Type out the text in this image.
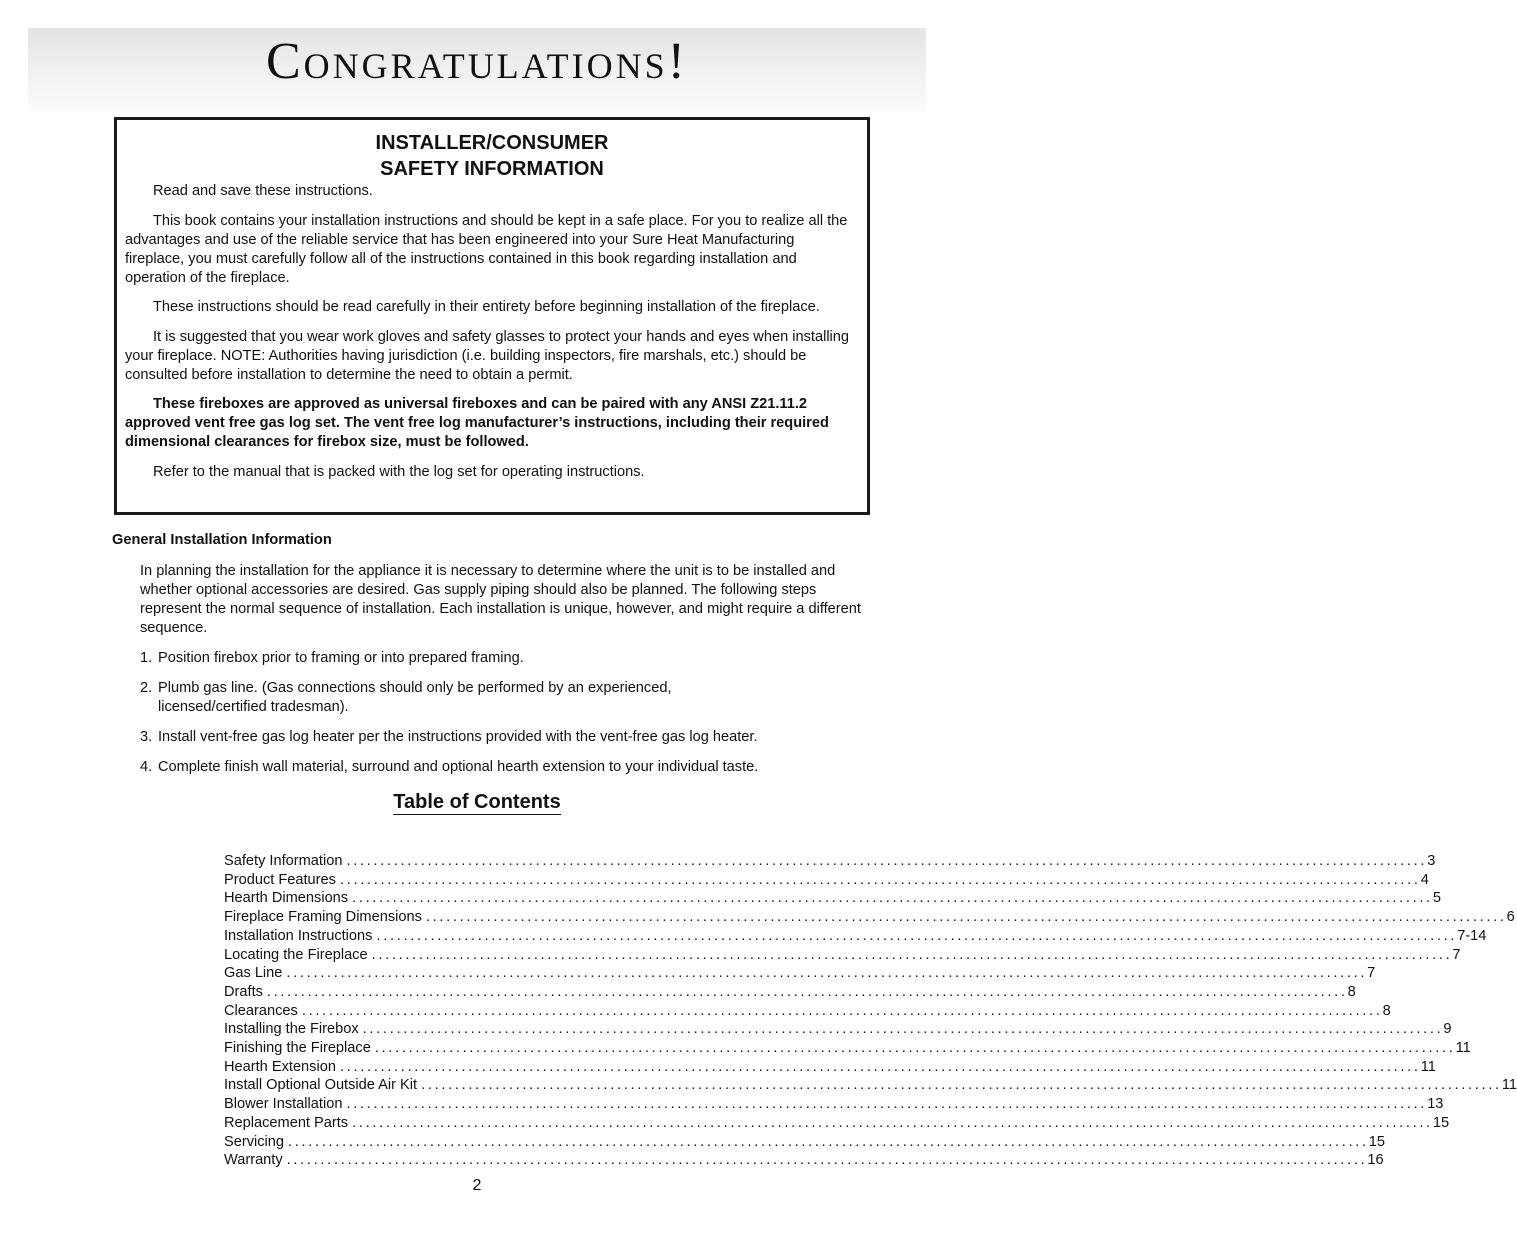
Congratulations!
INSTALLER/CONSUMER
SAFETY INFORMATION

Read and save these instructions.

This book contains your installation instructions and should be kept in a safe place. For you to realize all the advantages and use of the reliable service that has been engineered into your Sure Heat Manufacturing fireplace, you must carefully follow all of the instructions contained in this book regarding installation and operation of the fireplace.

These instructions should be read carefully in their entirety before beginning installation of the fireplace.

It is suggested that you wear work gloves and safety glasses to protect your hands and eyes when installing your fireplace. NOTE: Authorities having jurisdiction (i.e. building inspectors, fire marshals, etc.) should be consulted before installation to determine the need to obtain a permit.

These fireboxes are approved as universal fireboxes and can be paired with any ANSI Z21.11.2 approved vent free gas log set. The vent free log manufacturer’s instructions, including their required dimensional clearances for firebox size, must be followed.

Refer to the manual that is packed with the log set for operating instructions.

General Installation Information

In planning the installation for the appliance it is necessary to determine where the unit is to be installed and whether optional accessories are desired. Gas supply piping should also be planned. The following steps represent the normal sequence of installation. Each installation is unique, however, and might require a different sequence.

1. Position firebox prior to framing or into prepared framing.

2. Plumb gas line. (Gas connections should only be performed by an experienced, licensed/certified tradesman).

3. Install vent-free gas log heater per the instructions provided with the vent-free gas log heater.

4. Complete finish wall material, surround and optional hearth extension to your individual taste.

Table of Contents
Safety Information ................................................................................................................................................................ 3
Product Features ................................................................................................................................................................ 4
Hearth Dimensions ................................................................................................................................................................ 5
Fireplace Framing Dimensions ................................................................................................................................................................ 6
Installation Instructions ................................................................................................................................................................ 7-14
Locating the Fireplace ................................................................................................................................................................ 7
Gas Line ................................................................................................................................................................ 7
Drafts ................................................................................................................................................................ 8
Clearances ................................................................................................................................................................ 8
Installing the Firebox ................................................................................................................................................................ 9
Finishing the Fireplace ................................................................................................................................................................ 11
Hearth Extension ................................................................................................................................................................ 11
Install Optional Outside Air Kit ................................................................................................................................................................ 11
Blower Installation ................................................................................................................................................................ 13
Replacement Parts ................................................................................................................................................................ 15
Servicing ................................................................................................................................................................ 15
Warranty ................................................................................................................................................................ 16
2
